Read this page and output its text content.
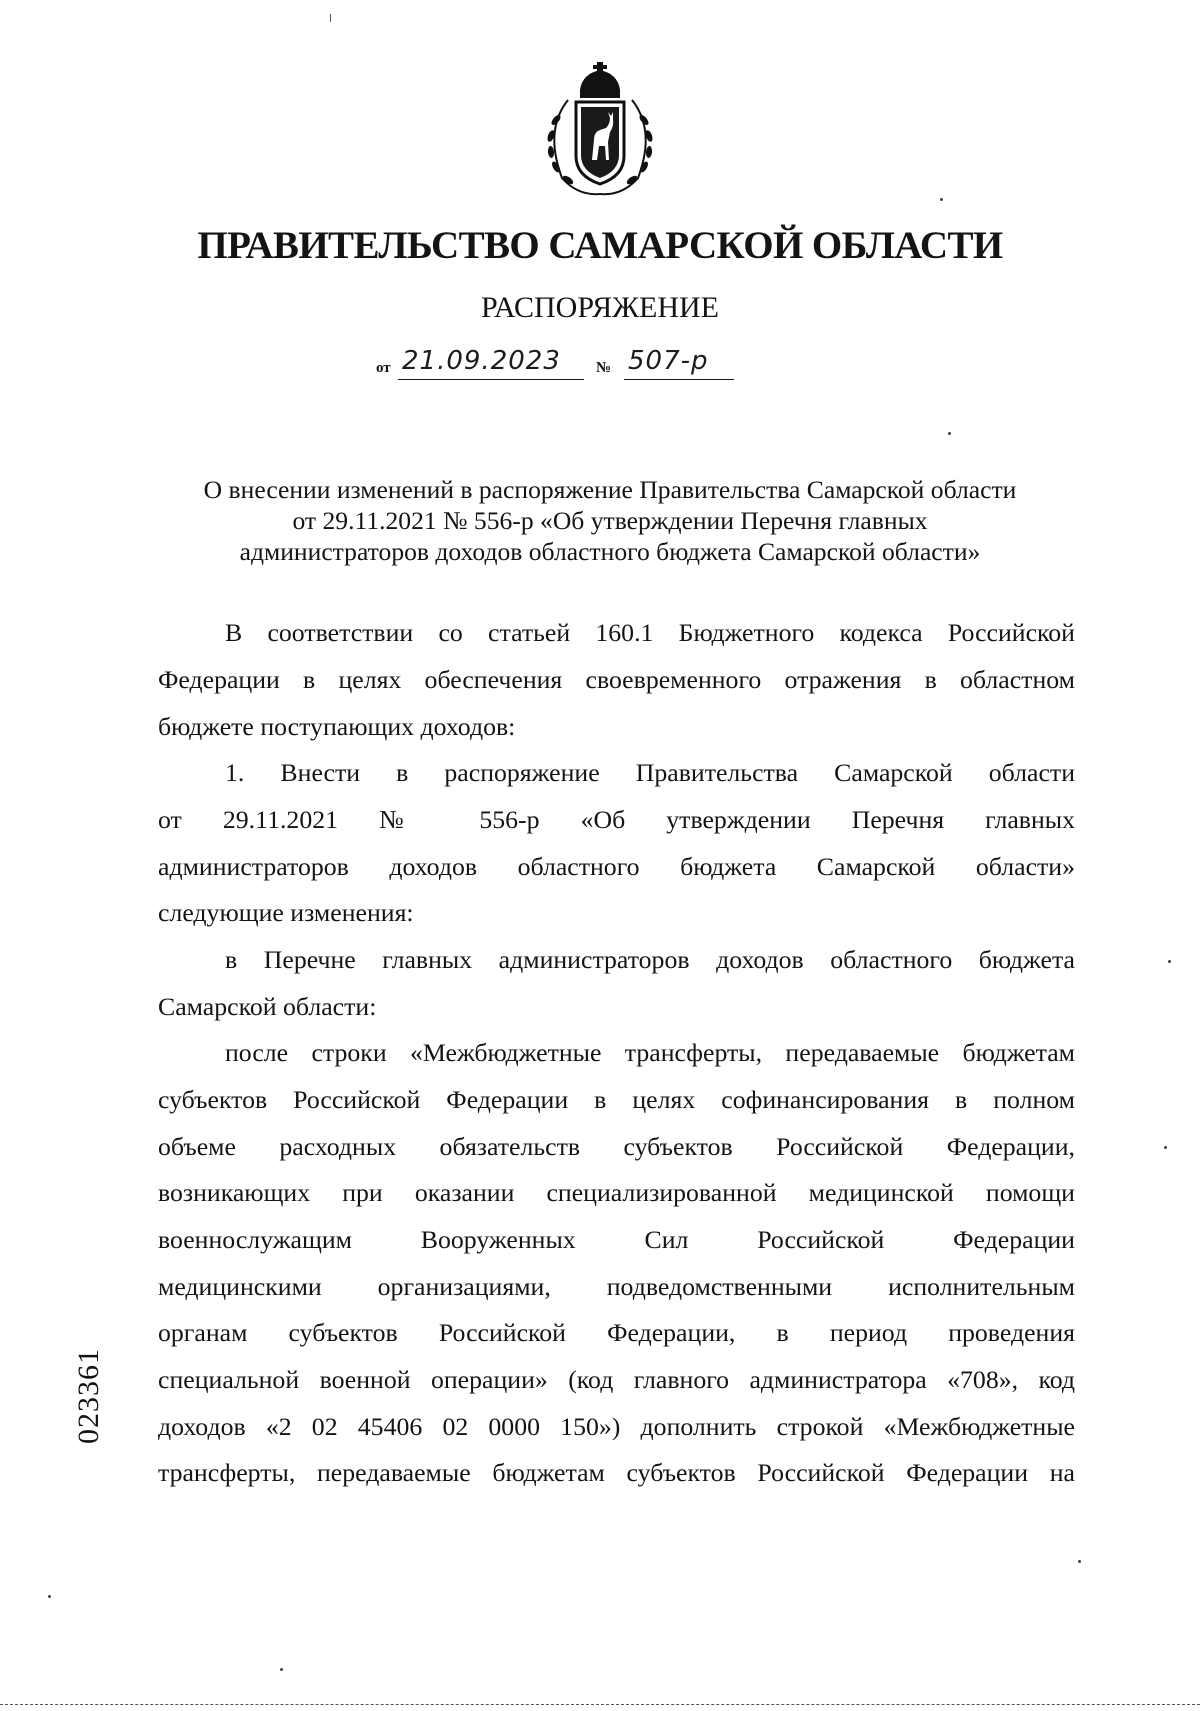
ПРАВИТЕЛЬСТВО САМАРСКОЙ ОБЛАСТИ
РАСПОРЯЖЕНИЕ
от 21.09.2023 № 507-р
О внесении изменений в распоряжение Правительства Самарской области
от 29.11.2021 № 556-р «Об утверждении Перечня главных
администраторов доходов областного бюджета Самарской области»
В соответствии со статьей 160.1 Бюджетного кодекса Российской
Федерации в целях обеспечения своевременного отражения в областном
бюджете поступающих доходов:
1. Внести в распоряжение Правительства Самарской области
от 29.11.2021 № 556-р «Об утверждении Перечня главных
администраторов доходов областного бюджета Самарской области»
следующие изменения:
в Перечне главных администраторов доходов областного бюджета
Самарской области:
после строки «Межбюджетные трансферты, передаваемые бюджетам
субъектов Российской Федерации в целях софинансирования в полном
объеме расходных обязательств субъектов Российской Федерации,
возникающих при оказании специализированной медицинской помощи
военнослужащим Вооруженных Сил Российской Федерации
медицинскими организациями, подведомственными исполнительным
органам субъектов Российской Федерации, в период проведения
специальной военной операции» (код главного администратора «708», код
доходов «2 02 45406 02 0000 150») дополнить строкой «Межбюджетные
трансферты, передаваемые бюджетам субъектов Российской Федерации на
023361
